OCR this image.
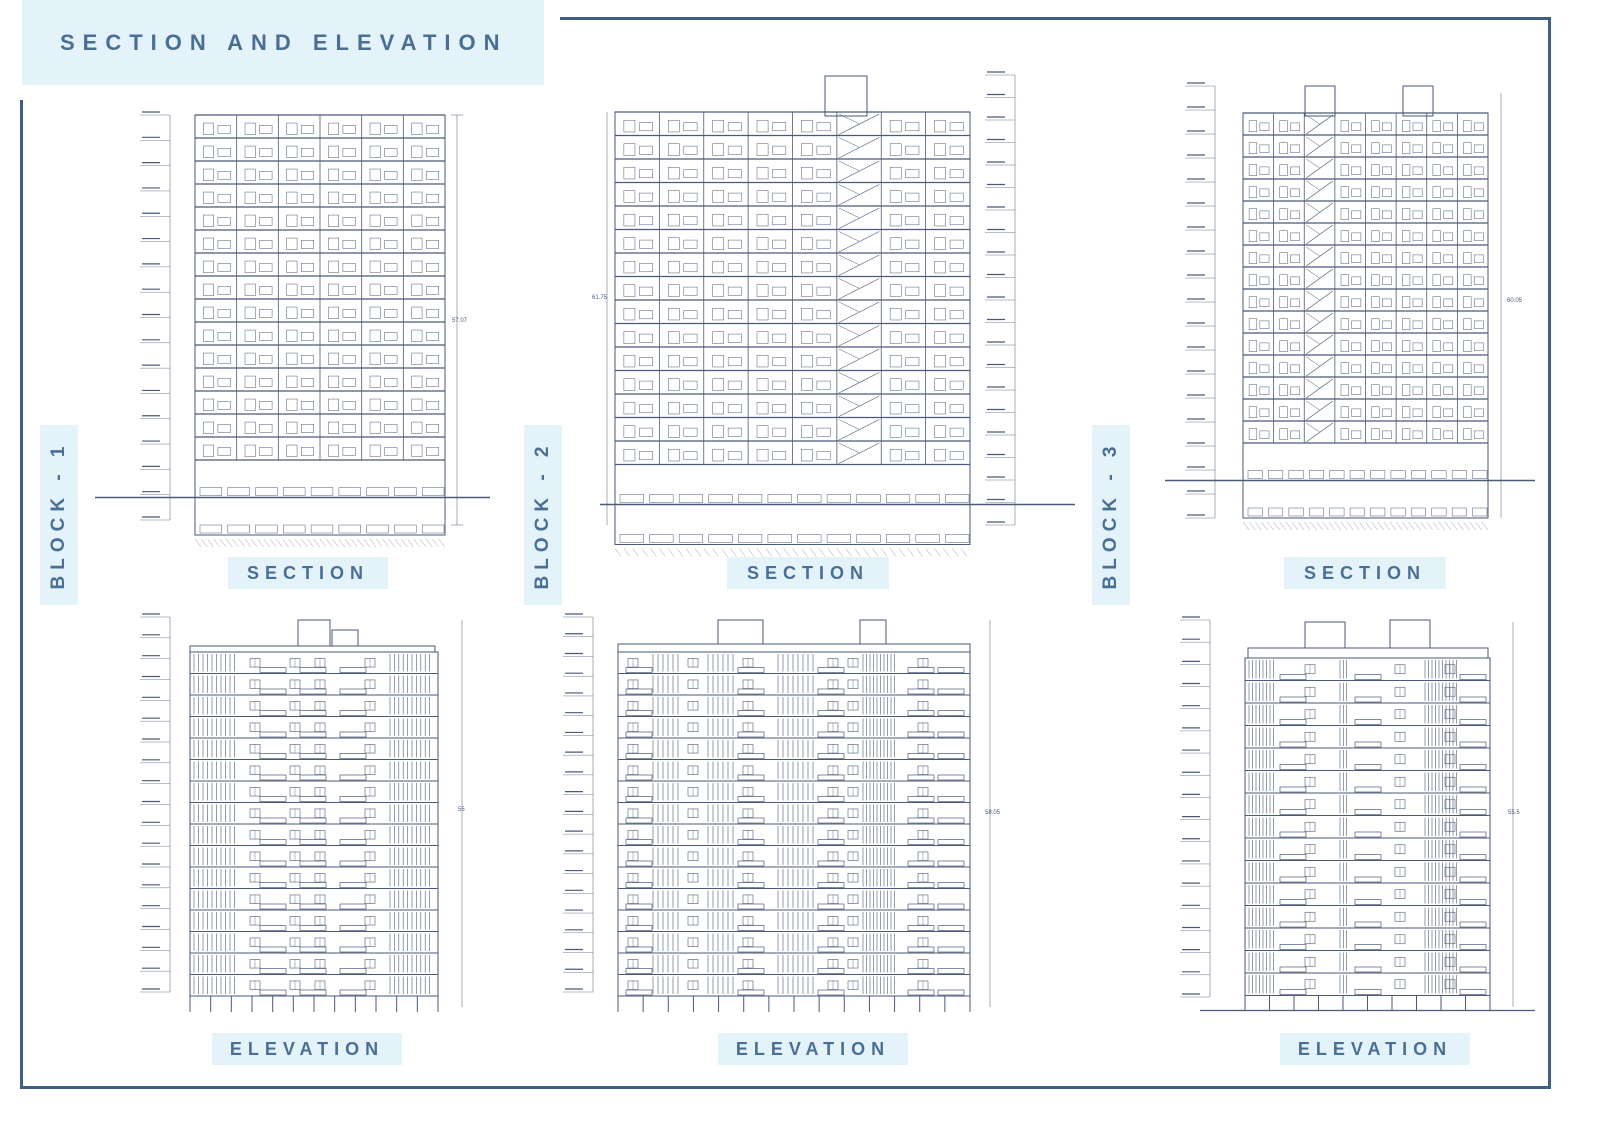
SECTION AND ELEVATION
BLOCK - 1	BLOCK - 2	BLOCK - 3
57.07
61.75	60.05
55	58.05	55.5
SECTION	SECTION	SECTION
ELEVATION	ELEVATION	ELEVATION
